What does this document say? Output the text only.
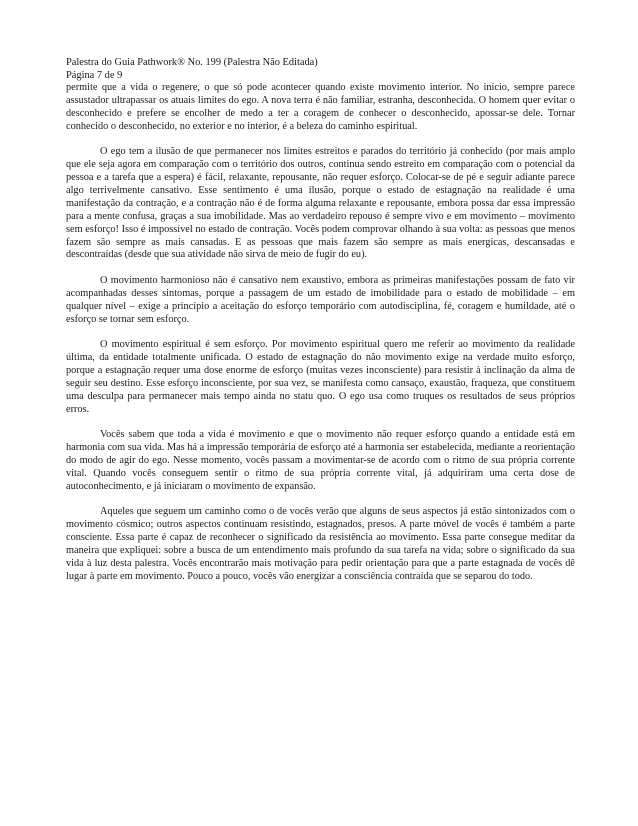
Palestra do Guia Pathwork® No. 199 (Palestra Não Editada)
Página 7 de 9

permite que a vida o regenere, o que só pode acontecer quando existe movimento interior. No início, sempre parece assustador ultrapassar os atuais limites do ego. A nova terra é não familiar, estranha, desconhecida. O homem quer evitar o desconhecido e prefere se encolher de medo a ter a coragem de conhecer o desconhecido, apossar-se dele. Tornar conhecido o desconhecido, no exterior e no interior, é a beleza do caminho espiritual.

O ego tem a ilusão de que permanecer nos limites estreitos e parados do território já conhecido (por mais amplo que ele seja agora em comparação com o território dos outros, continua sendo estreito em comparação com o potencial da pessoa e a tarefa que a espera) é fácil, relaxante, repousante, não requer esforço. Colocar-se de pé e seguir adiante parece algo terrivelmente cansativo. Esse sentimento é uma ilusão, porque o estado de estagnação na realidade é uma manifestação da contração, e a contração não é de forma alguma relaxante e repousante, embora possa dar essa impressão para a mente confusa, graças a sua imobilidade. Mas ao verdadeiro repouso é sempre vivo e em movimento – movimento sem esforço! Isso é impossível no estado de contração. Vocês podem comprovar olhando à sua volta: as pessoas que menos fazem são sempre as mais cansadas. E as pessoas que mais fazem são sempre as mais energicas, descansadas e descontraídas (desde que sua atividade não sirva de meio de fugir do eu).

O movimento harmonioso não é cansativo nem exaustivo, embora as primeiras manifestações possam de fato vir acompanhadas desses sintomas, porque a passagem de um estado de imobilidade para o estado de mobilidade – em qualquer nível – exige a princípio a aceitação do esforço temporário com autodisciplina, fé, coragem e humildade, até o esforço se tornar sem esforço.

O movimento espiritual é sem esforço. Por movimento espiritual quero me referir ao movimento da realidade última, da entidade totalmente unificada. O estado de estagnação do não movimento exige na verdade muito esforço, porque a estagnação requer uma dose enorme de esforço (muitas vezes inconsciente) para resistir à inclinação da alma de seguir seu destino. Esse esforço inconsciente, por sua vez, se manifesta como cansaço, exaustão, fraqueza, que constituem uma desculpa para permanecer mais tempo ainda no statu quo. O ego usa como truques os resultados de seus próprios erros.

Vocês sabem que toda a vida é movimento e que o movimento não requer esforço quando a entidade está em harmonia com sua vida. Mas há a impressão temporária de esforço até a harmonia ser estabelecida, mediante a reorientação do modo de agir do ego. Nesse momento, vocês passam a movimentar-se de acordo com o ritmo de sua própria corrente vital. Quando vocês conseguem sentir o ritmo de sua própria corrente vital, já adquiriram uma certa dose de autoconhecimento, e já iniciaram o movimento de expansão.

Aqueles que seguem um caminho como o de vocês verão que alguns de seus aspectos já estão sintonizados com o movimento cósmico; outros aspectos continuam resistindo, estagnados, presos. A parte móvel de vocês é também a parte consciente. Essa parte é capaz de reconhecer o significado da resistência ao movimento. Essa parte consegue meditar da maneira que expliquei: sobre a busca de um entendimento mais profundo da sua tarefa na vida; sobre o significado da sua vida à luz desta palestra. Vocês encontrarão mais motivação para pedir orientação para que a parte estagnada de vocês dê lugar à parte em movimento. Pouco a pouco, vocês vão energizar a consciência contraída que se separou do todo.
